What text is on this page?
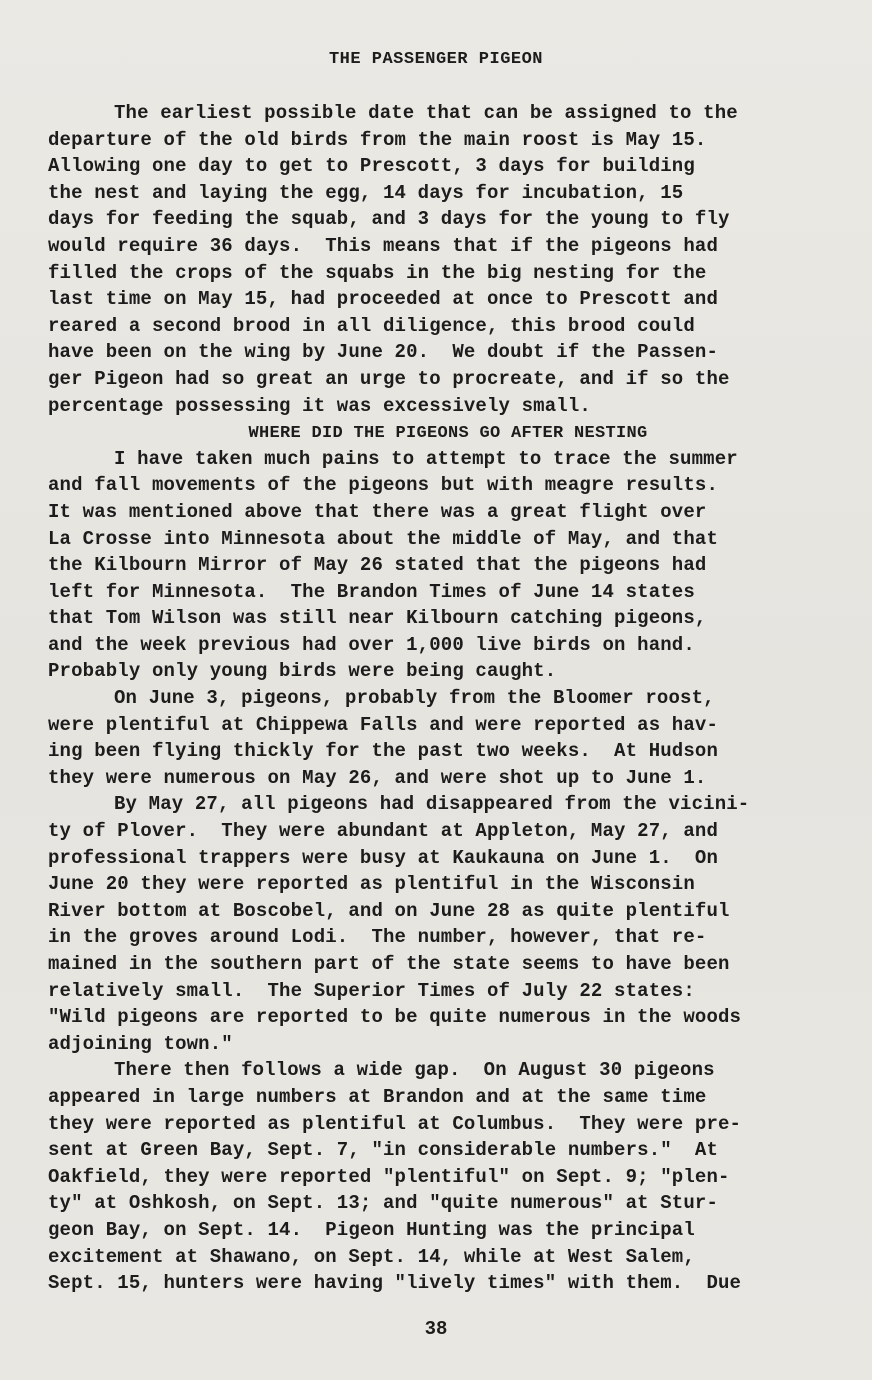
THE PASSENGER PIGEON
The earliest possible date that can be assigned to the
departure of the old birds from the main roost is May 15.
Allowing one day to get to Prescott, 3 days for building
the nest and laying the egg, 14 days for incubation, 15
days for feeding the squab, and 3 days for the young to fly
would require 36 days.  This means that if the pigeons had
filled the crops of the squabs in the big nesting for the
last time on May 15, had proceeded at once to Prescott and
reared a second brood in all diligence, this brood could
have been on the wing by June 20.  We doubt if the Passen-
ger Pigeon had so great an urge to procreate, and if so the
percentage possessing it was excessively small.
WHERE DID THE PIGEONS GO AFTER NESTING
I have taken much pains to attempt to trace the summer
and fall movements of the pigeons but with meagre results.
It was mentioned above that there was a great flight over
La Crosse into Minnesota about the middle of May, and that
the Kilbourn Mirror of May 26 stated that the pigeons had
left for Minnesota.  The Brandon Times of June 14 states
that Tom Wilson was still near Kilbourn catching pigeons,
and the week previous had over 1,000 live birds on hand.
Probably only young birds were being caught.
On June 3, pigeons, probably from the Bloomer roost,
were plentiful at Chippewa Falls and were reported as hav-
ing been flying thickly for the past two weeks.  At Hudson
they were numerous on May 26, and were shot up to June 1.
By May 27, all pigeons had disappeared from the vicini-
ty of Plover.  They were abundant at Appleton, May 27, and
professional trappers were busy at Kaukauna on June 1.  On
June 20 they were reported as plentiful in the Wisconsin
River bottom at Boscobel, and on June 28 as quite plentiful
in the groves around Lodi.  The number, however, that re-
mained in the southern part of the state seems to have been
relatively small.  The Superior Times of July 22 states:
"Wild pigeons are reported to be quite numerous in the woods
adjoining town."
There then follows a wide gap.  On August 30 pigeons
appeared in large numbers at Brandon and at the same time
they were reported as plentiful at Columbus.  They were pre-
sent at Green Bay, Sept. 7, "in considerable numbers."  At
Oakfield, they were reported "plentiful" on Sept. 9; "plen-
ty" at Oshkosh, on Sept. 13; and "quite numerous" at Stur-
geon Bay, on Sept. 14.  Pigeon Hunting was the principal
excitement at Shawano, on Sept. 14, while at West Salem,
Sept. 15, hunters were having "lively times" with them.  Due
38
